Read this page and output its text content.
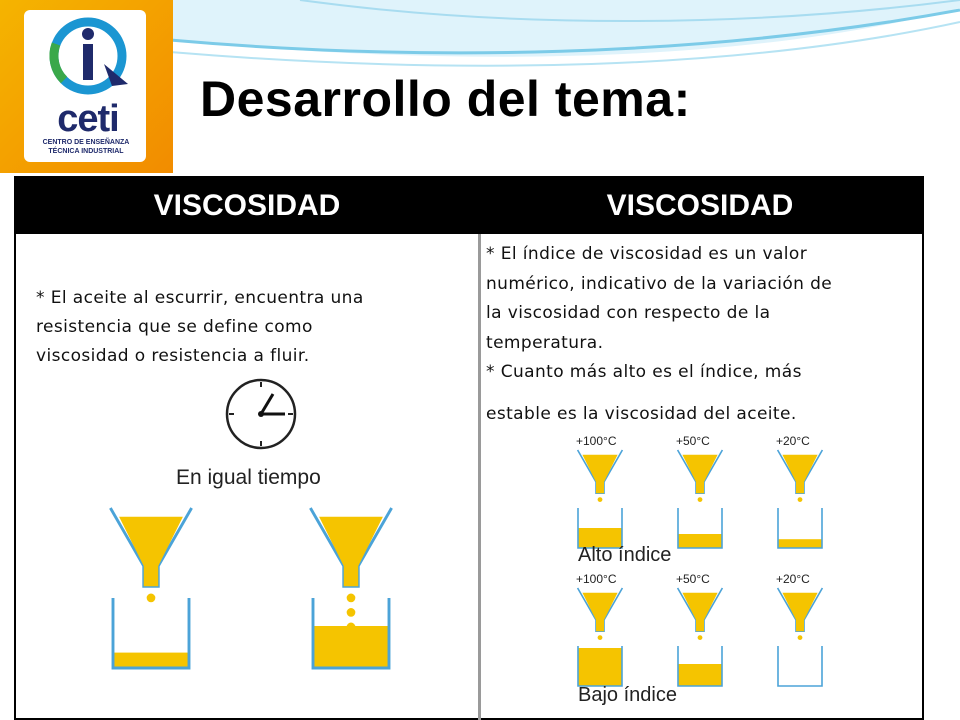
ceti
CENTRO DE ENSEÑANZA
TÉCNICA INDUSTRIAL
Desarrollo del tema:
VISCOSIDAD	VISCOSIDAD
* El aceite al escurrir, encuentra una
resistencia que se define como
viscosidad o resistencia a fluir.
En igual tiempo
* El índice de viscosidad es un valor
numérico, indicativo de la variación de
la viscosidad con respecto de la
temperatura.
* Cuanto más alto es el índice, más
estable es la viscosidad del aceite.
+100°C	+50°C	+20°C
Alto índice
+100°C	+50°C	+20°C
Bajo índice
